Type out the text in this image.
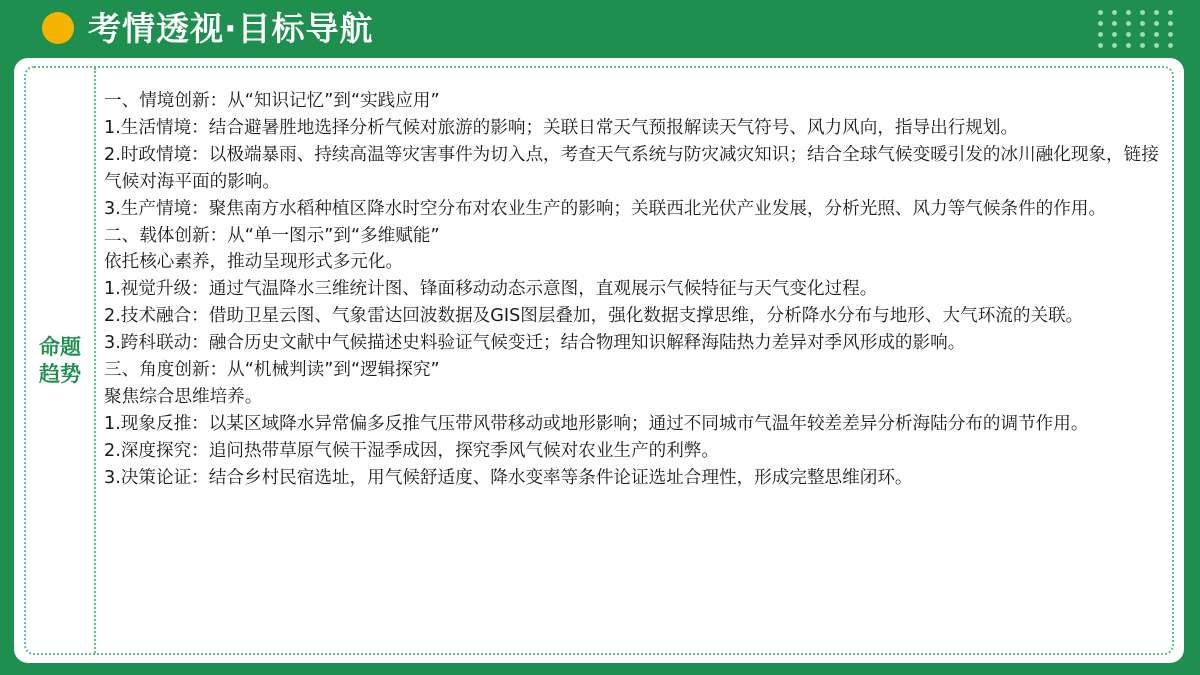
考情透视·目标导航
命题趋势

一、情境创新：从“知识记忆”到“实践应用”

1.生活情境：结合避暑胜地选择分析气候对旅游的影响；关联日常天气预报解读天气符号、风力风向，指导出行规划。

2.时政情境：以极端暴雨、持续高温等灾害事件为切入点，考查天气系统与防灾减灾知识；结合全球气候变暖引发的冰川融化现象，链接气候对海平面的影响。

3.生产情境：聚焦南方水稻种植区降水时空分布对农业生产的影响；关联西北光伏产业发展，分析光照、风力等气候条件的作用。

二、载体创新：从“单一图示”到“多维赋能”

依托核心素养，推动呈现形式多元化。

1.视觉升级：通过气温降水三维统计图、锋面移动动态示意图，直观展示气候特征与天气变化过程。

2.技术融合：借助卫星云图、气象雷达回波数据及GIS图层叠加，强化数据支撑思维，分析降水分布与地形、大气环流的关联。

3.跨科联动：融合历史文献中气候描述史料验证气候变迁；结合物理知识解释海陆热力差异对季风形成的影响。

三、角度创新：从“机械判读”到“逻辑探究”

聚焦综合思维培养。

1.现象反推：以某区域降水异常偏多反推气压带风带移动或地形影响；通过不同城市气温年较差差异分析海陆分布的调节作用。

2.深度探究：追问热带草原气候干湿季成因，探究季风气候对农业生产的利弊。

3.决策论证：结合乡村民宿选址，用气候舒适度、降水变率等条件论证选址合理性，形成完整思维闭环。
